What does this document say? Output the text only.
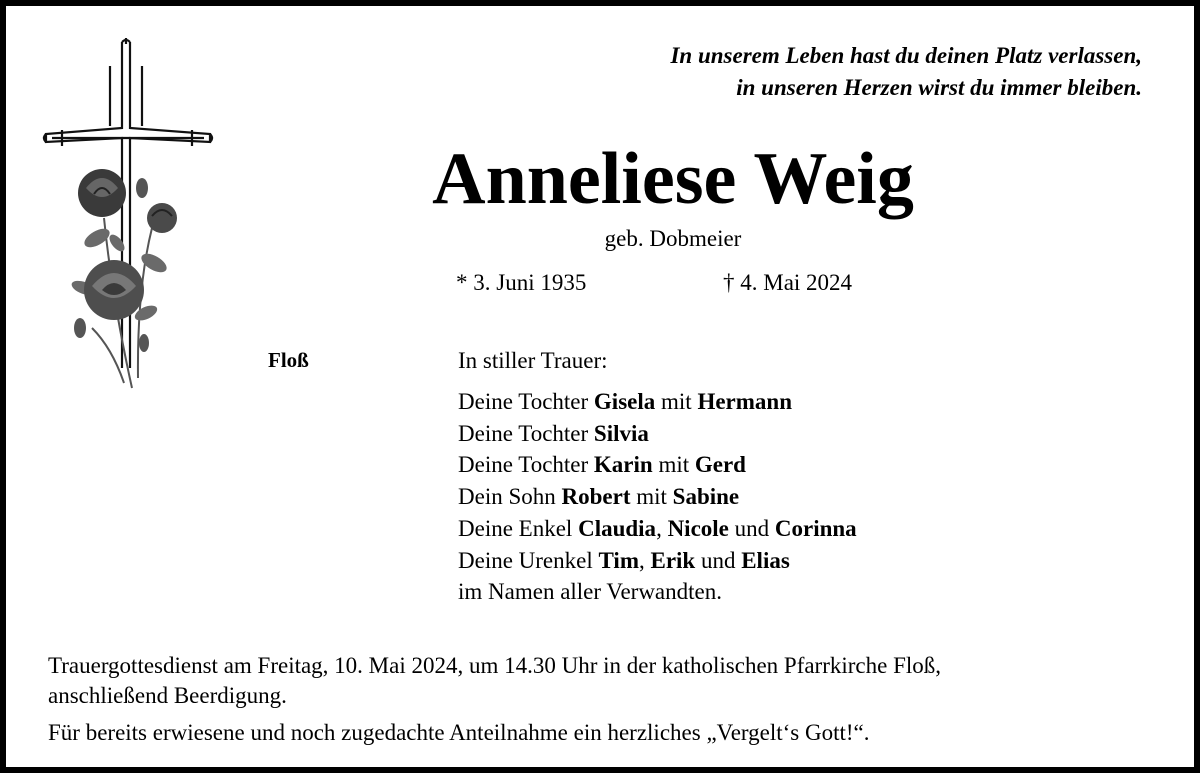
In unserem Leben hast du deinen Platz verlassen,
in unseren Herzen wirst du immer bleiben.
Anneliese Weig
geb. Dobmeier
* 3. Juni 1935	† 4. Mai 2024
Floß	In stiller Trauer:
Deine Tochter Gisela mit Hermann
Deine Tochter Silvia
Deine Tochter Karin mit Gerd
Dein Sohn Robert mit Sabine
Deine Enkel Claudia, Nicole und Corinna
Deine Urenkel Tim, Erik und Elias
im Namen aller Verwandten.
Trauergottesdienst am Freitag, 10. Mai 2024, um 14.30 Uhr in der katholischen Pfarrkirche Floß,
anschließend Beerdigung.
Für bereits erwiesene und noch zugedachte Anteilnahme ein herzliches „Vergelt‘s Gott!“.
